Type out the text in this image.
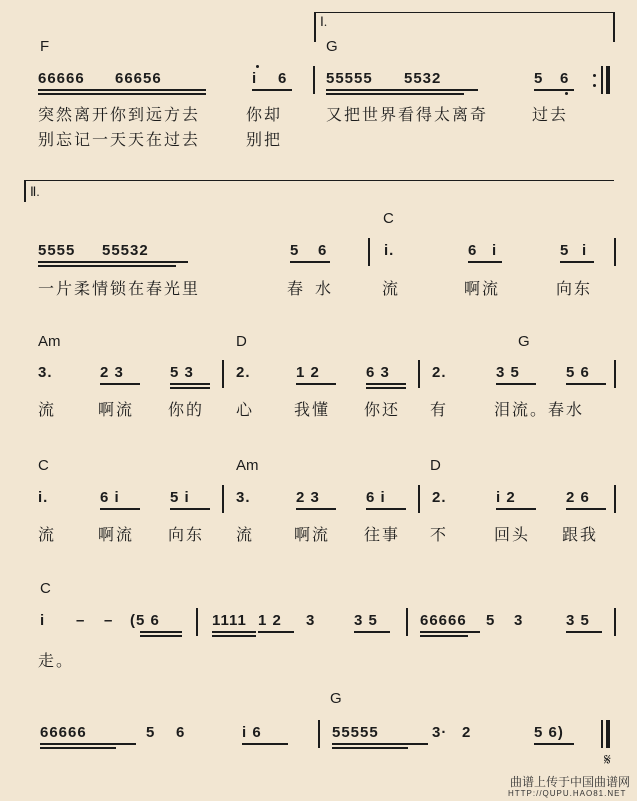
Ⅰ.
F	G
66666 66656	i 6	55555 5532	5 6
突然离开你到远方去	你却	又把世界看得太离奇	过去
别忘记一天天在过去	别把
Ⅱ.
C
5555 55532	5 6	i.	6 i	5 i
一片柔情锁在春光里	春 水	流	啊流	向东
Am	D	G
3.	2 3	5 3	2.	1 2	6 3	2.	3 5	5 6
流	啊流 你的 心 我懂 你还 有	泪流。春水
C	Am	D
i.	6 i	5 i	3.	2 3	6 i	2.	i 2	2 6
流	啊流 向东 流 啊流 往事 不	回头 跟我
C
i – – (5 6	1111 1 2 3	3 5	66666 5 3	3 5
走。
G
66666	5 6	i 6	55555	3· 2	5 6)
𝄋
曲谱上传于中国曲谱网
HTTP://QUPU.HAO81.NET
